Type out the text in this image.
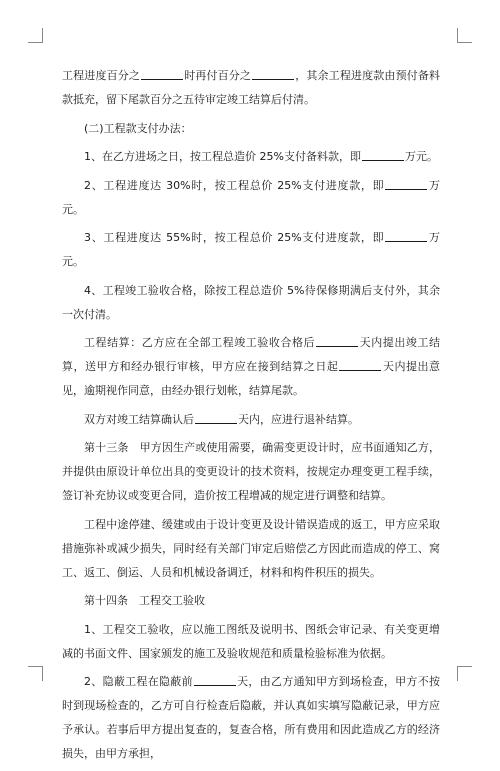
工程进度百分之	时再付百分之	，其余工程进度款由预付备料款抵充，留下尾款百分之五待审定竣工结算后付清。

(二)工程款支付办法：

1、在乙方进场之日，按工程总造价 25%支付备料款，即	万元。

2、工程进度达 30%时，按工程总价 25%支付进度款，即	万元。

3、工程进度达 55%时，按工程总价 25%支付进度款，即	万元。

4、工程竣工验收合格，除按工程总造价 5%待保修期满后支付外，其余一次付清。

工程结算：乙方应在全部工程竣工验收合格后	天内提出竣工结算，送甲方和经办银行审核，甲方应在接到结算之日起	天内提出意见，逾期视作同意，由经办银行划帐，结算尾款。

双方对竣工结算确认后	天内，应进行退补结算。

第十三条　甲方因生产或使用需要，确需变更设计时，应书面通知乙方，并提供由原设计单位出具的变更设计的技术资料，按规定办理变更工程手续，签订补充协议或变更合同，造价按工程增减的规定进行调整和结算。

工程中途停建、缓建或由于设计变更及设计错误造成的返工，甲方应采取措施弥补或减少损失，同时经有关部门审定后赔偿乙方因此而造成的停工、窝工、返工、倒运、人员和机械设备调迁，材料和构件积压的损失。

第十四条　工程交工验收

1、工程交工验收，应以施工图纸及说明书、图纸会审记录、有关变更增减的书面文件、国家颁发的施工及验收规范和质量检验标准为依据。

2、隐蔽工程在隐蔽前	天，由乙方通知甲方到场检查，甲方不按时到现场检查的，乙方可自行检查后隐蔽，并认真如实填写隐蔽记录，甲方应予承认。若事后甲方提出复查的，复查合格，所有费用和因此造成乙方的经济损失，由甲方承担，
